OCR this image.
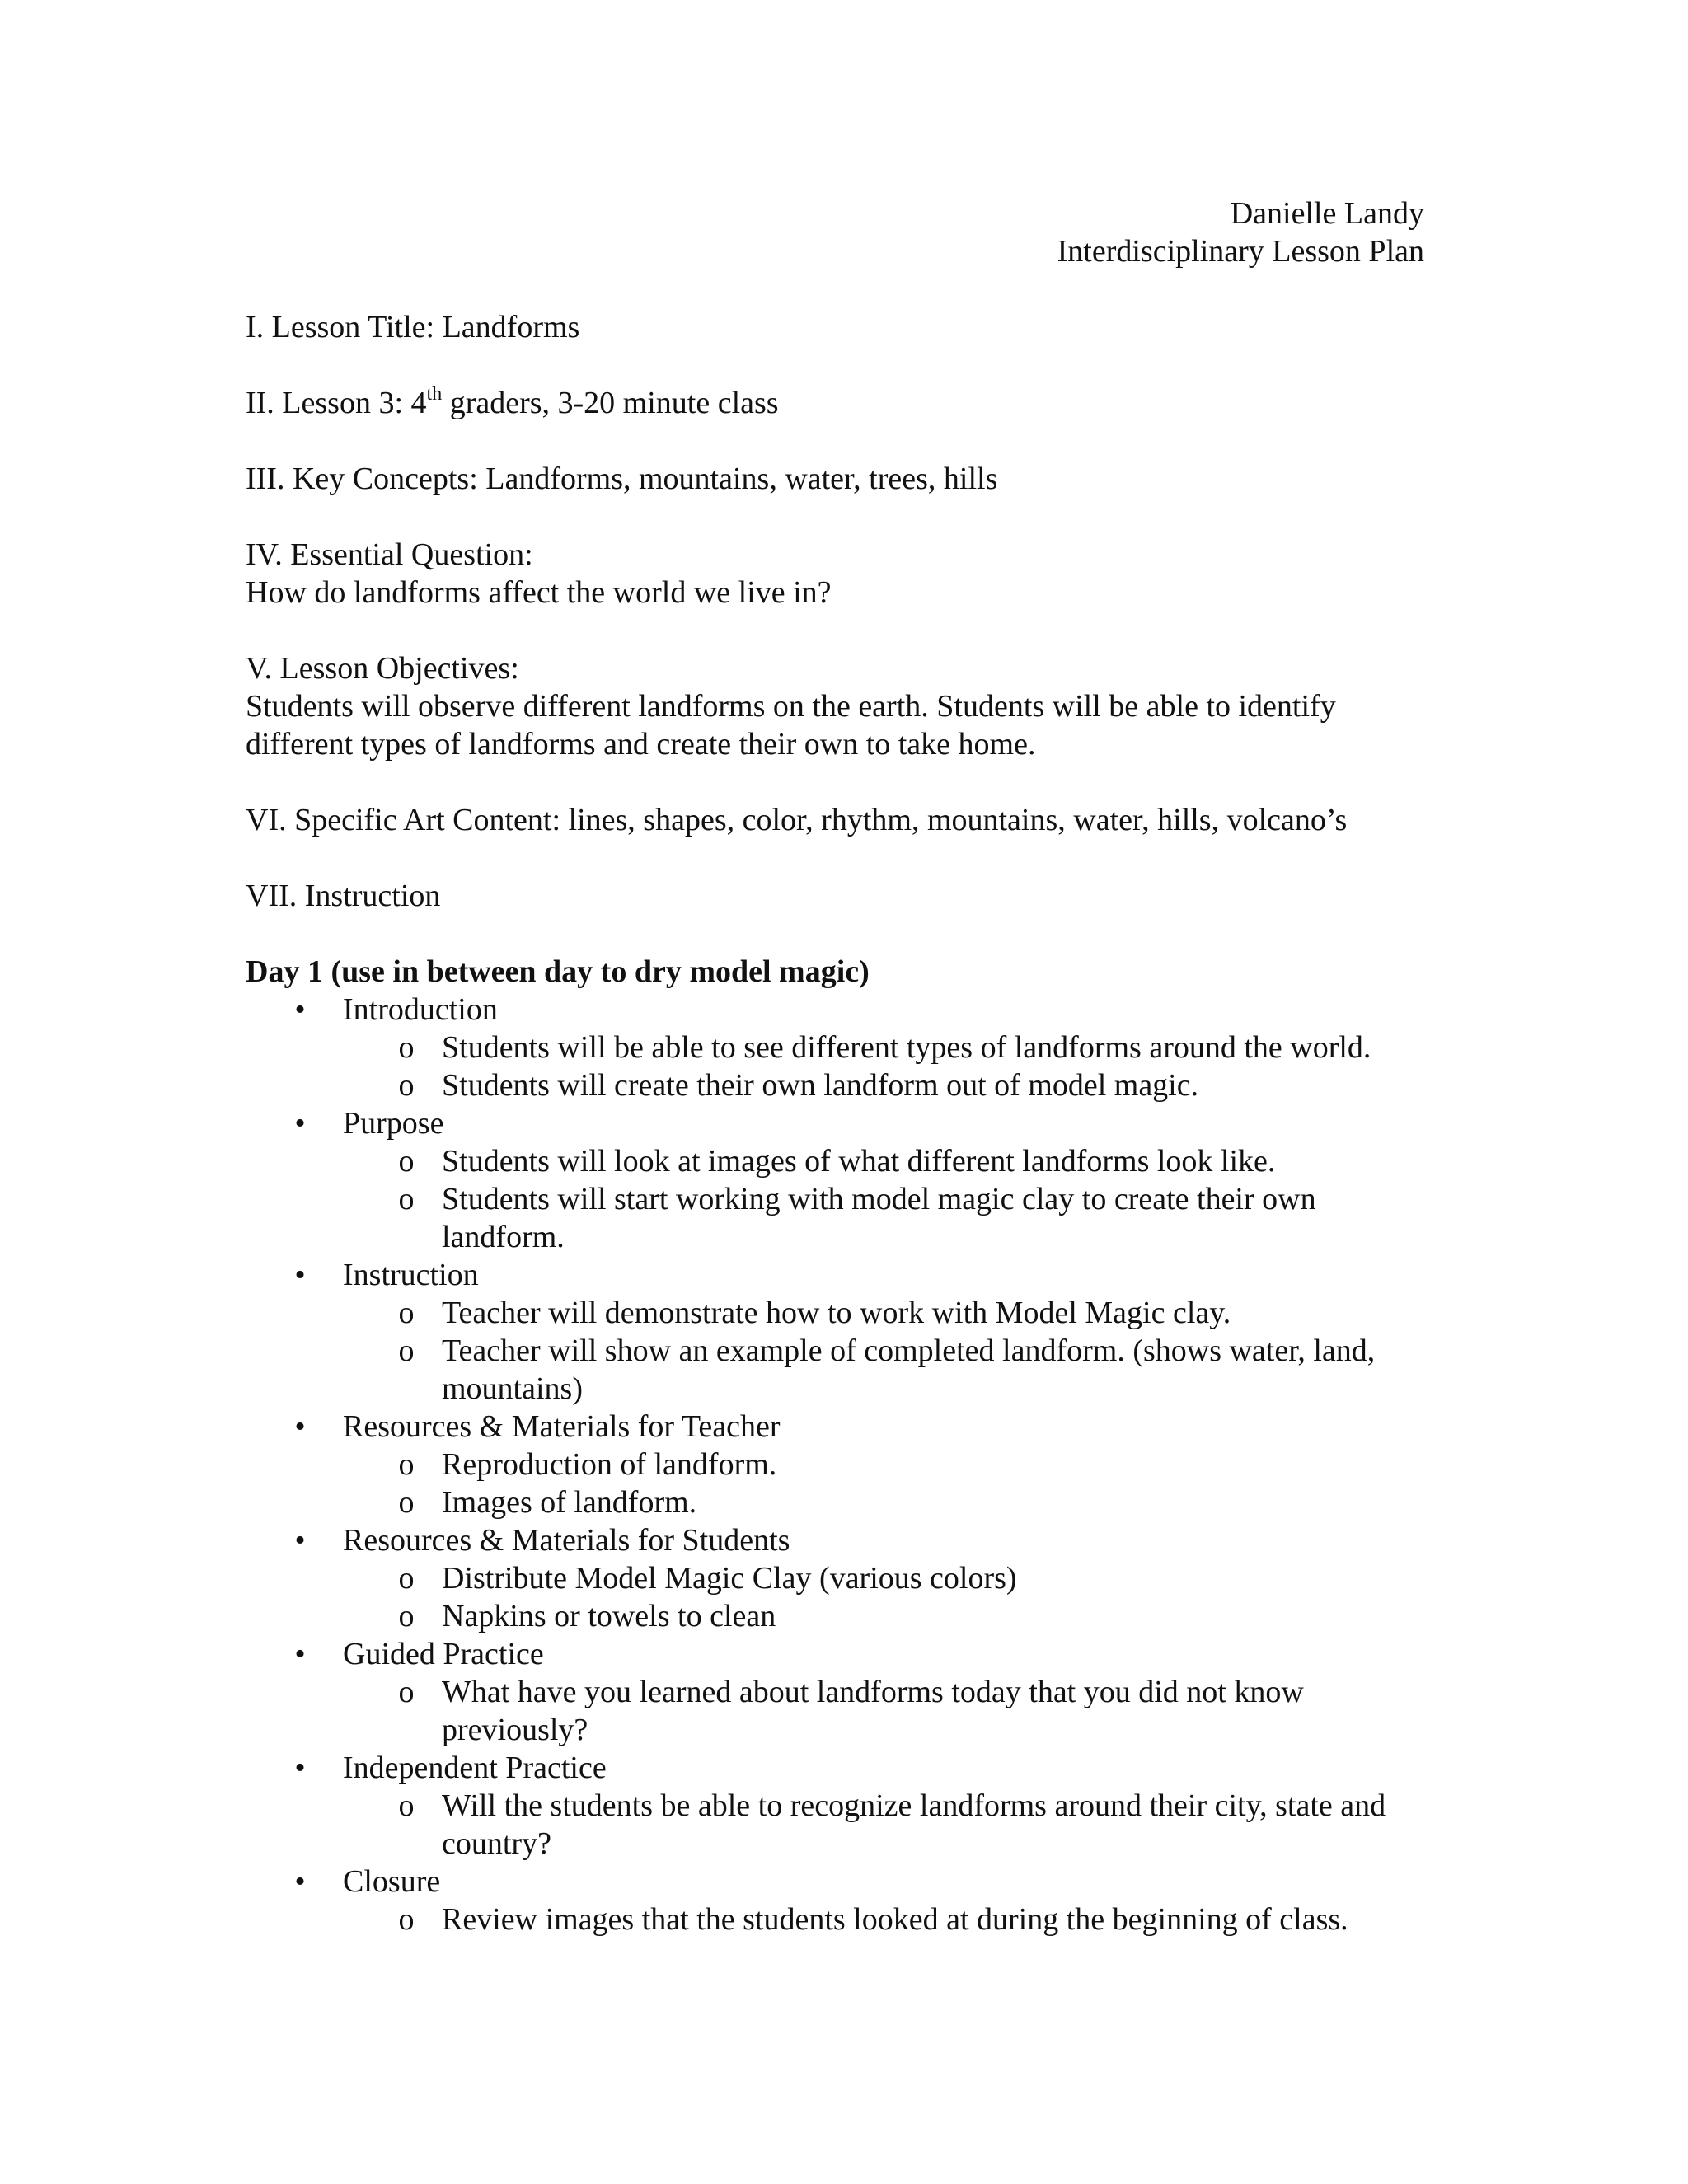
Danielle Landy
Interdisciplinary Lesson Plan
I. Lesson Title: Landforms
II. Lesson 3: 4th graders, 3-20 minute class
III. Key Concepts: Landforms, mountains, water, trees, hills
IV. Essential Question:
How do landforms affect the world we live in?
V. Lesson Objectives:
Students will observe different landforms on the earth. Students will be able to identify different types of landforms and create their own to take home.
VI. Specific Art Content: lines, shapes, color, rhythm, mountains, water, hills, volcano’s
VII. Instruction
Day 1 (use in between day to dry model magic)
• Introduction
o Students will be able to see different types of landforms around the world.
o Students will create their own landform out of model magic.
• Purpose
o Students will look at images of what different landforms look like.
o Students will start working with model magic clay to create their own landform.
• Instruction
o Teacher will demonstrate how to work with Model Magic clay.
o Teacher will show an example of completed landform. (shows water, land, mountains)
• Resources & Materials for Teacher
o Reproduction of landform.
o Images of landform.
• Resources & Materials for Students
o Distribute Model Magic Clay (various colors)
o Napkins or towels to clean
• Guided Practice
o What have you learned about landforms today that you did not know previously?
• Independent Practice
o Will the students be able to recognize landforms around their city, state and country?
• Closure
o Review images that the students looked at during the beginning of class.
